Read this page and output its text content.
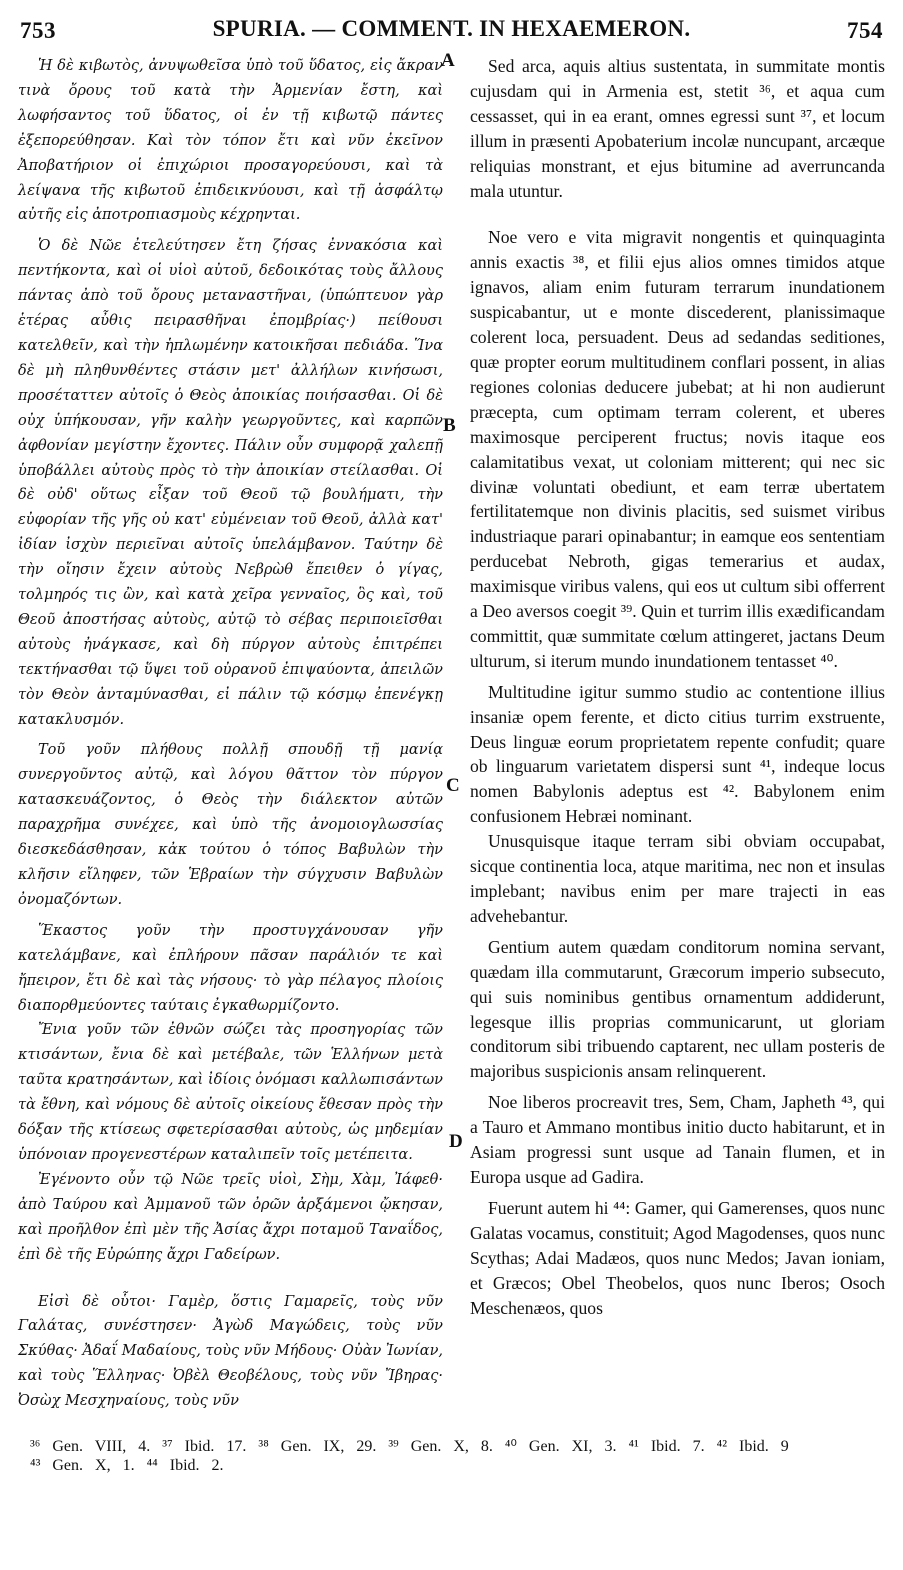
753	SPURIA. — COMMENT. IN HEXAEMERON.	754

Ἡ δὲ κιβωτὸς, ἀνυψωθεῖσα ὑπὸ τοῦ ὕδατος, εἰς ἄκραν τινὰ ὄρους τοῦ κατὰ τὴν Ἀρμενίαν ἔστη, καὶ λωφήσαντος τοῦ ὕδατος, οἱ ἐν τῇ κιβωτῷ πάντες ἐξεπορεύθησαν. Καὶ τὸν τόπον ἔτι καὶ νῦν ἐκεῖνον Ἀποβατήριον οἱ ἐπιχώριοι προσαγορεύουσι, καὶ τὰ λείψανα τῆς κιβωτοῦ ἐπιδεικνύουσι, καὶ τῇ ἀσφάλτῳ αὐτῆς εἰς ἀποτροπιασμοὺς κέχρηνται.

Ὁ δὲ Νῶε ἐτελεύτησεν ἔτη ζήσας ἐννακόσια καὶ πεντήκοντα, καὶ οἱ υἱοὶ αὐτοῦ, δεδοικότας τοὺς ἄλλους πάντας ἀπὸ τοῦ ὄρους μεταναστῆναι, (ὑπώπτευον γὰρ ἑτέρας αὖθις πειρασθῆναι ἐπομβρίας·) πείθουσι κατελθεῖν, καὶ τὴν ἡπλωμένην κατοικῆσαι πεδιάδα. Ἵνα δὲ μὴ πληθυνθέντες στάσιν μετ' ἀλλήλων κινήσωσι, προσέταττεν αὐτοῖς ὁ Θεὸς ἀποικίας ποιήσασθαι. Οἱ δὲ οὐχ ὑπήκουσαν, γῆν καλὴν γεωργοῦντες, καὶ καρπῶν ἀφθονίαν μεγίστην ἔχοντες. Πάλιν οὖν συμφορᾷ χαλεπῇ ὑποβάλλει αὐτοὺς πρὸς τὸ τὴν ἀποικίαν στείλασθαι. Οἱ δὲ οὐδ' οὕτως εἶξαν τοῦ Θεοῦ τῷ βουλήματι, τὴν εὐφορίαν τῆς γῆς οὐ κατ' εὐμένειαν τοῦ Θεοῦ, ἀλλὰ κατ' ἰδίαν ἰσχὺν περιεῖναι αὐτοῖς ὑπελάμβανον. Ταύτην δὲ τὴν οἴησιν ἔχειν αὐτοὺς Νεβρὼθ ἔπειθεν ὁ γίγας, τολμηρός τις ὢν, καὶ κατὰ χεῖρα γενναῖος, ὃς καὶ, τοῦ Θεοῦ ἀποστήσας αὐτοὺς, αὐτῷ τὸ σέβας περιποιεῖσθαι αὐτοὺς ἠνάγκασε, καὶ δὴ πύργον αὐτοὺς ἐπιτρέπει τεκτήνασθαι τῷ ὕψει τοῦ οὐρανοῦ ἐπιψαύοντα, ἀπειλῶν τὸν Θεὸν ἀνταμύνασθαι, εἰ πάλιν τῷ κόσμῳ ἐπενέγκῃ κατακλυσμόν.

Τοῦ γοῦν πλήθους πολλῇ σπουδῇ τῇ μανίᾳ συνεργοῦντος αὐτῷ, καὶ λόγου θᾶττον τὸν πύργον κατασκευάζοντος, ὁ Θεὸς τὴν διάλεκτον αὐτῶν παραχρῆμα συνέχεε, καὶ ὑπὸ τῆς ἀνομοιογλωσσίας διεσκεδάσθησαν, κἀκ τούτου ὁ τόπος Βαβυλὼν τὴν κλῆσιν εἴληφεν, τῶν Ἑβραίων τὴν σύγχυσιν Βαβυλὼν ὀνομαζόντων.

Ἕκαστος γοῦν τὴν προστυγχάνουσαν γῆν κατελάμβανε, καὶ ἐπλήρουν πᾶσαν παράλιόν τε καὶ ἤπειρον, ἔτι δὲ καὶ τὰς νήσους· τὸ γὰρ πέλαγος πλοίοις διαπορθμεύοντες ταύταις ἐγκαθωρμίζοντο.

Ἔνια γοῦν τῶν ἐθνῶν σώζει τὰς προσηγορίας τῶν κτισάντων, ἔνια δὲ καὶ μετέβαλε, τῶν Ἑλλήνων μετὰ ταῦτα κρατησάντων, καὶ ἰδίοις ὀνόμασι καλλωπισάντων τὰ ἔθνη, καὶ νόμους δὲ αὐτοῖς οἰκείους ἔθεσαν πρὸς τὴν δόξαν τῆς κτίσεως σφετερίσασθαι αὐτοὺς, ὡς μηδεμίαν ὑπόνοιαν προγενεστέρων καταλιπεῖν τοῖς μετέπειτα.

Ἐγένοντο οὖν τῷ Νῶε τρεῖς υἱοὶ, Σὴμ, Χὰμ, Ἰάφεθ· ἀπὸ Ταύρου καὶ Ἀμμανοῦ τῶν ὀρῶν ἀρξάμενοι ᾤκησαν, καὶ προῆλθον ἐπὶ μὲν τῆς Ἀσίας ἄχρι ποταμοῦ Ταναΐδος, ἐπὶ δὲ τῆς Εὐρώπης ἄχρι Γαδείρων.

Εἰσὶ δὲ οὗτοι· Γαμὲρ, ὅστις Γαμαρεῖς, τοὺς νῦν Γαλάτας, συνέστησεν· Ἀγὼδ Μαγώδεις, τοὺς νῦν Σκύθας· Ἀδαΐ Μαδαίους, τοὺς νῦν Μήδους· Οὐὰν Ἰωνίαν, καὶ τοὺς Ἕλληνας· Ὀβὲλ Θεοβέλους, τοὺς νῦν Ἴβηρας· Ὀσὼχ Μεσχηναίους, τοὺς νῦν

Sed arca, aquis altius sustentata, in summitate montis cujusdam qui in Armenia est, stetit ³⁶, et aqua cum cessasset, qui in ea erant, omnes egressi sunt ³⁷, et locum illum in præsenti Apobaterium incolæ nuncupant, arcæque reliquias monstrant, et ejus bitumine ad averruncanda mala utuntur.

Noe vero e vita migravit nongentis et quinquaginta annis exactis ³⁸, et filii ejus alios omnes timidos atque ignavos, aliam enim futuram terrarum inundationem suspicabantur, ut e monte discederent, planissimaque colerent loca, persuadent. Deus ad sedandas seditiones, quæ propter eorum multitudinem conflari possent, in alias regiones colonias deducere jubebat; at hi non audierunt præcepta, cum optimam terram colerent, et uberes maximosque perciperent fructus; novis itaque eos calamitatibus vexat, ut coloniam mitterent; qui nec sic divinæ voluntati obediunt, et eam terræ ubertatem fertilitatemque non divinis placitis, sed suismet viribus industriaque parari opinabantur; in eamque eos sententiam perducebat Nebroth, gigas temerarius et audax, maximisque viribus valens, qui eos ut cultum sibi offerrent a Deo aversos coegit ³⁹. Quin et turrim illis exædificandam committit, quæ summitate cœlum attingeret, jactans Deum ulturum, si iterum mundo inundationem tentasset ⁴⁰.

Multitudine igitur summo studio ac contentione illius insaniæ opem ferente, et dicto citius turrim exstruente, Deus linguæ eorum proprietatem repente confudit; quare ob linguarum varietatem dispersi sunt ⁴¹, indeque locus nomen Babylonis adeptus est ⁴². Babylonem enim confusionem Hebræi nominant.

Unusquisque itaque terram sibi obviam occupabat, sicque continentia loca, atque maritima, nec non et insulas implebant; navibus enim per mare trajecti in eas advehebantur.

Gentium autem quædam conditorum nomina servant, quædam illa commutarunt, Græcorum imperio subsecuto, qui suis nominibus gentibus ornamentum addiderunt, legesque illis proprias communicarunt, ut gloriam conditorum sibi tribuendo captarent, nec ullam posteris de majoribus suspicionis ansam relinquerent.

Noe liberos procreavit tres, Sem, Cham, Japheth ⁴³, qui a Tauro et Ammano montibus initio ducto habitarunt, et in Asiam progressi sunt usque ad Tanain flumen, et in Europa usque ad Gadira.

Fuerunt autem hi ⁴⁴: Gamer, qui Gamerenses, quos nunc Galatas vocamus, constituit; Agod Magodenses, quos nunc Scythas; Adai Madæos, quos nunc Medos; Javan ioniam, et Græcos; Obel Theobelos, quos nunc Iberos; Osoch Meschenæos, quos

A
B
C
D
³⁶ Gen. VIII, 4. ³⁷ Ibid. 17. ³⁸ Gen. IX, 29. ³⁹ Gen. X, 8. ⁴⁰ Gen. XI, 3. ⁴¹ Ibid. 7. ⁴² Ibid. 9
⁴³ Gen. X, 1. ⁴⁴ Ibid. 2.
